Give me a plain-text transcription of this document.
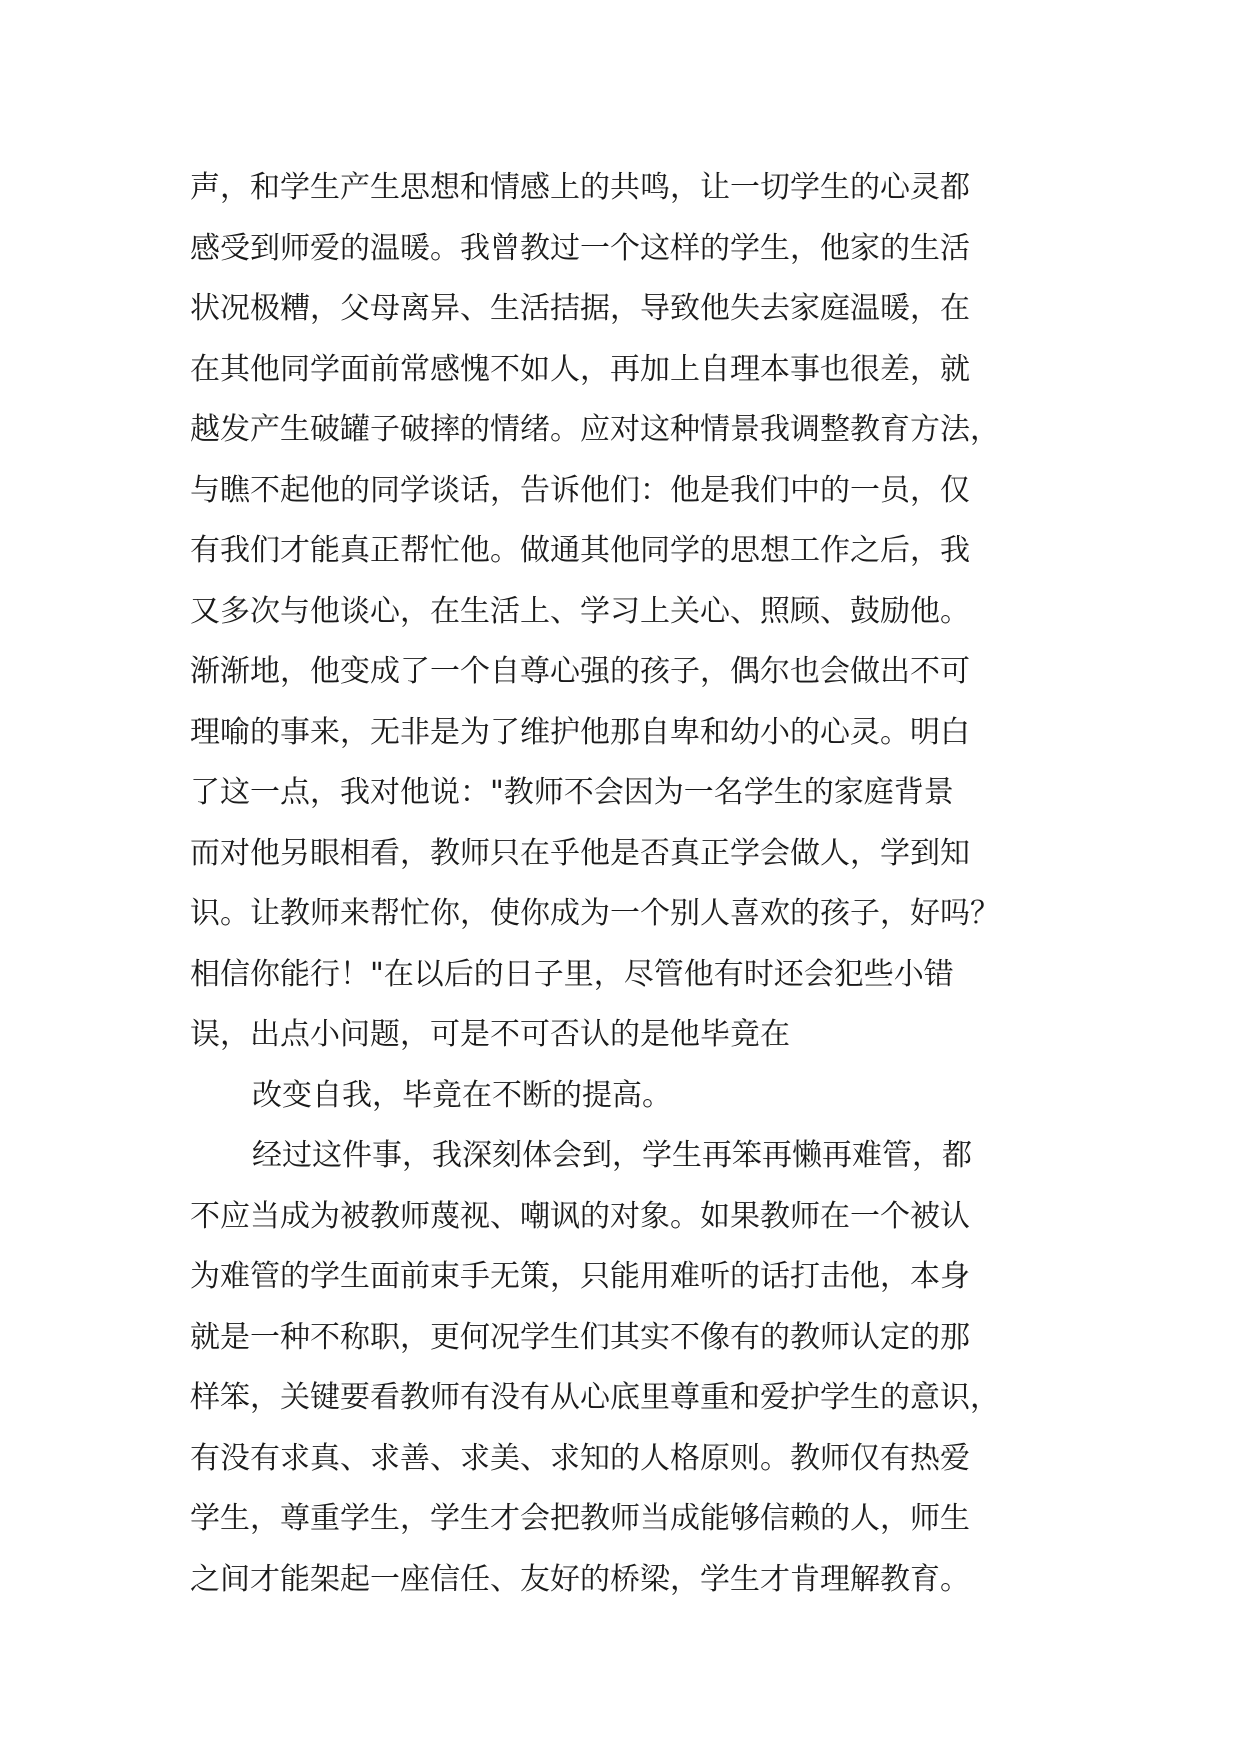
声，和学生产生思想和情感上的共鸣，让一切学生的心灵都
感受到师爱的温暖。我曾教过一个这样的学生，他家的生活
状况极糟，父母离异、生活拮据，导致他失去家庭温暖，在
在其他同学面前常感愧不如人，再加上自理本事也很差，就
越发产生破罐子破摔的情绪。应对这种情景我调整教育方法，
与瞧不起他的同学谈话，告诉他们：他是我们中的一员，仅
有我们才能真正帮忙他。做通其他同学的思想工作之后，我
又多次与他谈心，在生活上、学习上关心、照顾、鼓励他。
渐渐地，他变成了一个自尊心强的孩子，偶尔也会做出不可
理喻的事来，无非是为了维护他那自卑和幼小的心灵。明白
了这一点，我对他说："教师不会因为一名学生的家庭背景
而对他另眼相看，教师只在乎他是否真正学会做人，学到知
识。让教师来帮忙你，使你成为一个别人喜欢的孩子，好吗？
相信你能行！"在以后的日子里，尽管他有时还会犯些小错
误，出点小问题，可是不可否认的是他毕竟在
改变自我，毕竟在不断的提高。
经过这件事，我深刻体会到，学生再笨再懒再难管，都
不应当成为被教师蔑视、嘲讽的对象。如果教师在一个被认
为难管的学生面前束手无策，只能用难听的话打击他，本身
就是一种不称职，更何况学生们其实不像有的教师认定的那
样笨，关键要看教师有没有从心底里尊重和爱护学生的意识，
有没有求真、求善、求美、求知的人格原则。教师仅有热爱
学生，尊重学生，学生才会把教师当成能够信赖的人，师生
之间才能架起一座信任、友好的桥梁，学生才肯理解教育。
